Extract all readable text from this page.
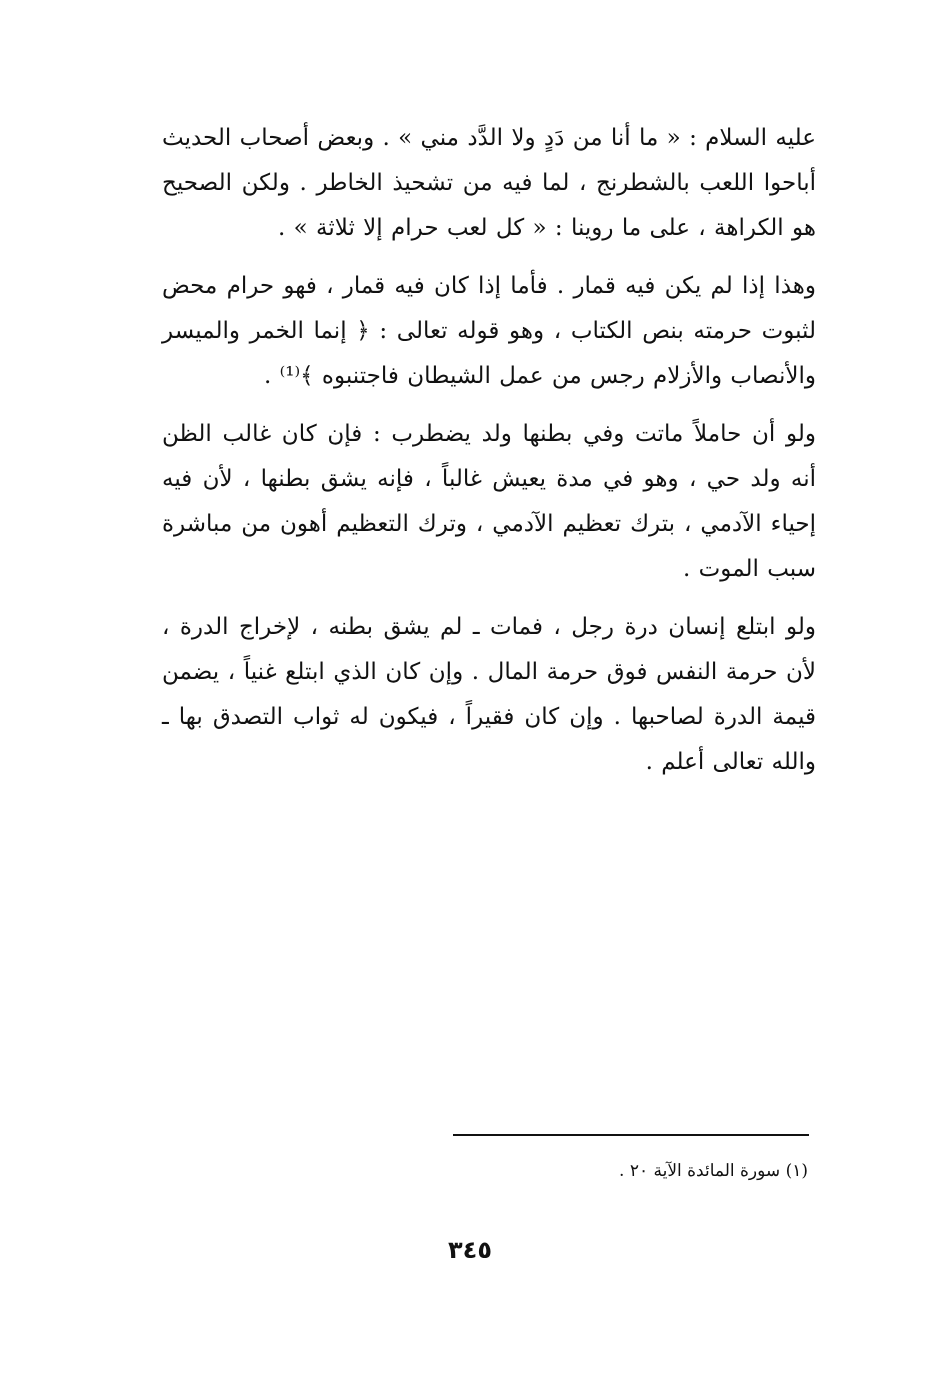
عليه السلام : « ما أنا من دَدٍ ولا الدَّد مني » . وبعض أصحاب الحديث أباحوا اللعب بالشطرنج ، لما فيه من تشحيذ الخاطر . ولكن الصحيح هو الكراهة ، على ما روينا : « كل لعب حرام إلا ثلاثة » .

وهذا إذا لم يكن فيه قمار . فأما إذا كان فيه قمار ، فهو حرام محض لثبوت حرمته بنص الكتاب ، وهو قوله تعالى : ﴿ إنما الخمر والميسر والأنصاب والأزلام رجس من عمل الشيطان فاجتنبوه ﴾⁽¹⁾ .

ولو أن حاملاً ماتت وفي بطنها ولد يضطرب : فإن كان غالب الظن أنه ولد حي ، وهو في مدة يعيش غالباً ، فإنه يشق بطنها ، لأن فيه إحياء الآدمي ، بترك تعظيم الآدمي ، وترك التعظيم أهون من مباشرة سبب الموت .

ولو ابتلع إنسان درة رجل ، فمات ـ لم يشق بطنه ، لإخراج الدرة ، لأن حرمة النفس فوق حرمة المال . وإن كان الذي ابتلع غنياً ، يضمن قيمة الدرة لصاحبها . وإن كان فقيراً ، فيكون له ثواب التصدق بها ـ والله تعالى أعلم .

(١) سورة المائدة الآية ٢٠ .
٣٤٥
